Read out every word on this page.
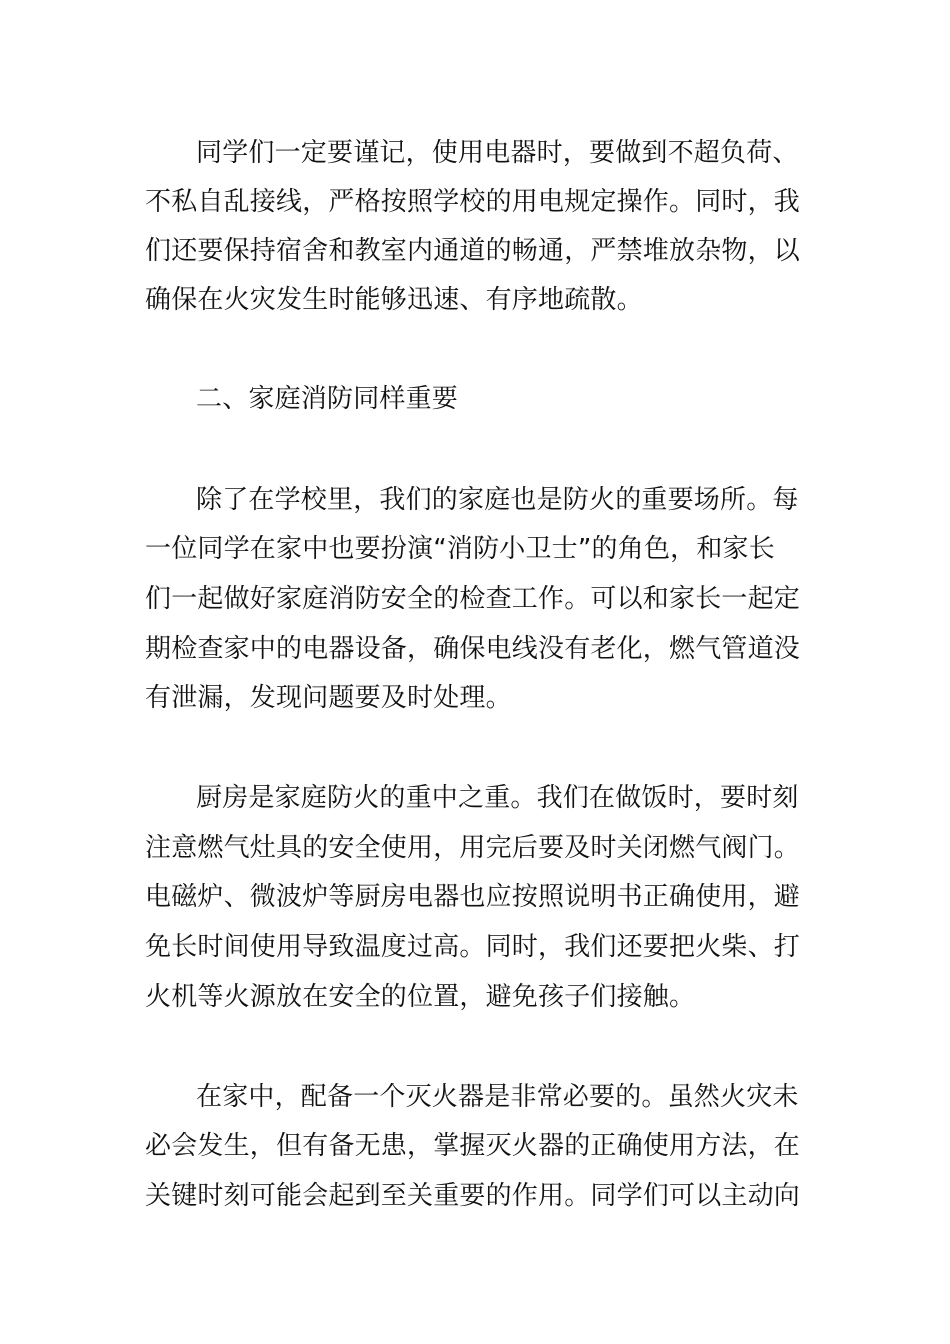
同学们一定要谨记，使用电器时，要做到不超负荷、
不私自乱接线，严格按照学校的用电规定操作。同时，我
们还要保持宿舍和教室内通道的畅通，严禁堆放杂物，以
确保在火灾发生时能够迅速、有序地疏散。
二、家庭消防同样重要
除了在学校里，我们的家庭也是防火的重要场所。每
一位同学在家中也要扮演“消防小卫士”的角色，和家长
们一起做好家庭消防安全的检查工作。可以和家长一起定
期检查家中的电器设备，确保电线没有老化，燃气管道没
有泄漏，发现问题要及时处理。
厨房是家庭防火的重中之重。我们在做饭时，要时刻
注意燃气灶具的安全使用，用完后要及时关闭燃气阀门。
电磁炉、微波炉等厨房电器也应按照说明书正确使用，避
免长时间使用导致温度过高。同时，我们还要把火柴、打
火机等火源放在安全的位置，避免孩子们接触。
在家中，配备一个灭火器是非常必要的。虽然火灾未
必会发生，但有备无患，掌握灭火器的正确使用方法，在
关键时刻可能会起到至关重要的作用。同学们可以主动向
